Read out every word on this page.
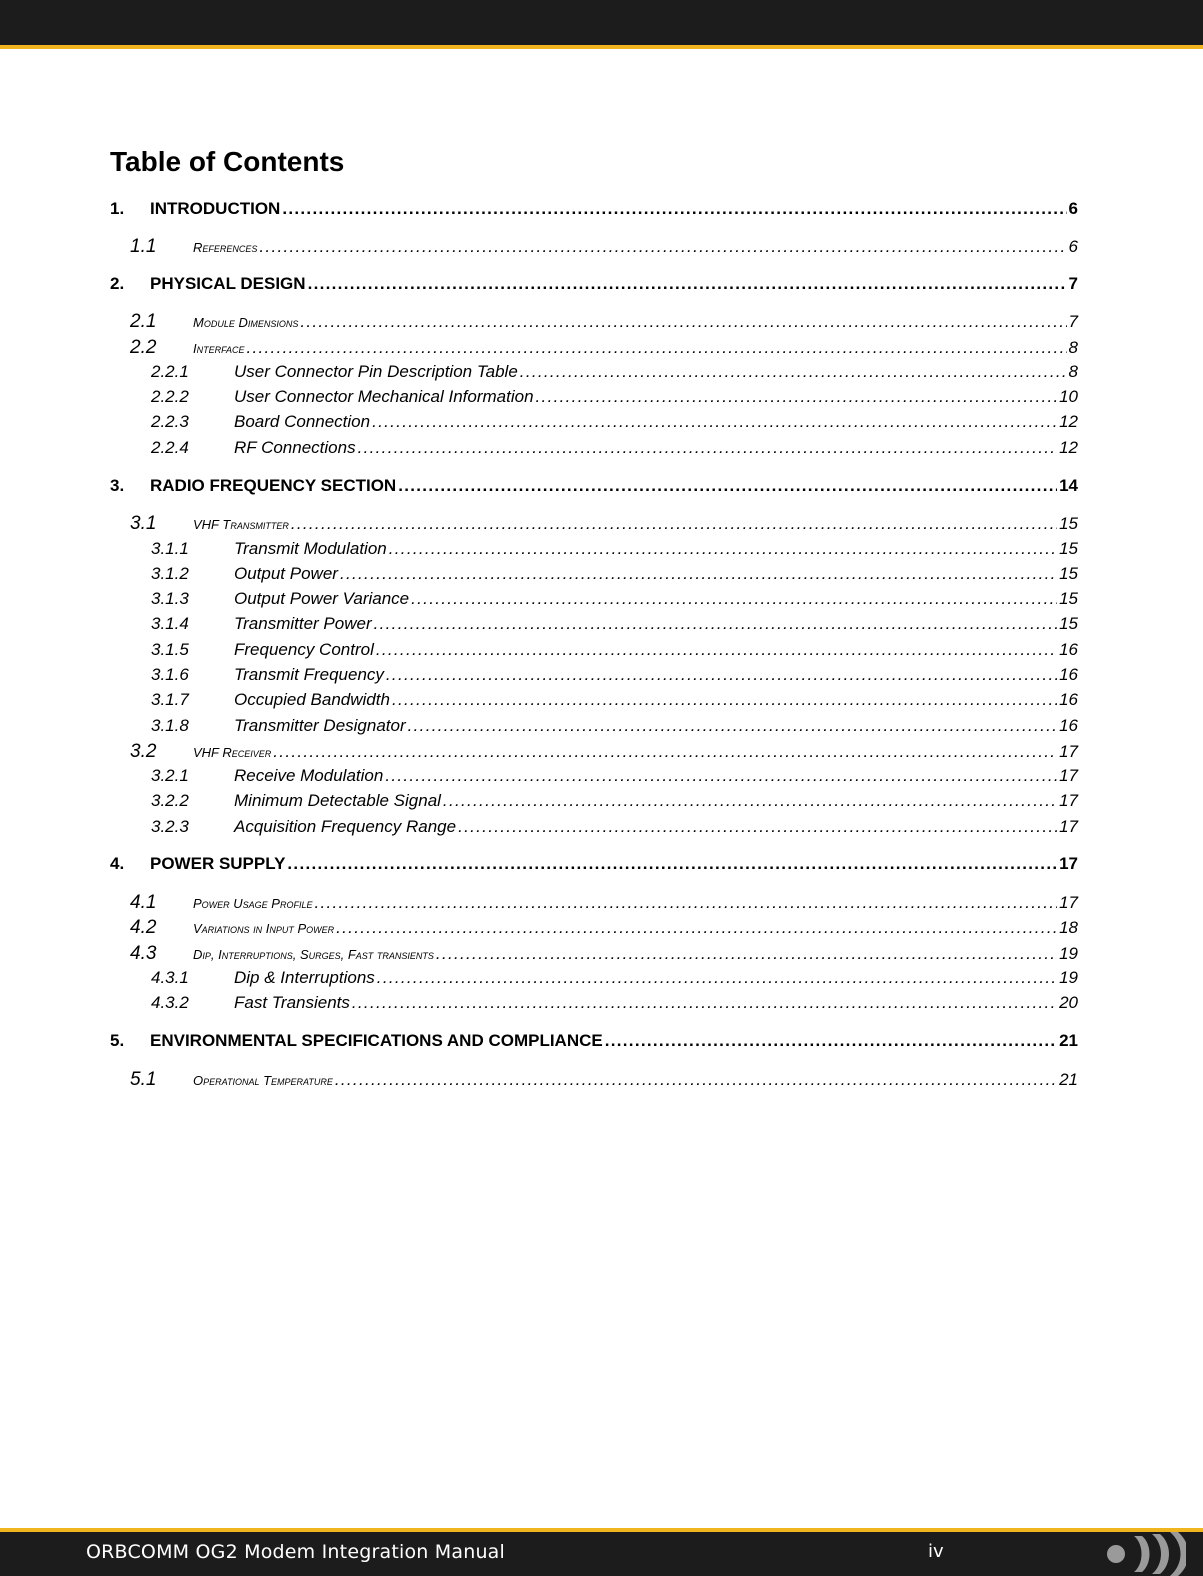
Table of Contents
1.	INTRODUCTION .....	6
1.1	References .....	6
2.	PHYSICAL DESIGN .....	7
2.1	Module Dimensions .....	7
2.2	Interface .....	8
2.2.1	User Connector Pin Description Table .....	8
2.2.2	User Connector Mechanical Information .....	10
2.2.3	Board Connection .....	12
2.2.4	RF Connections .....	12
3.	RADIO FREQUENCY SECTION .....	14
3.1	VHF Transmitter .....	15
3.1.1	Transmit Modulation .....	15
3.1.2	Output Power .....	15
3.1.3	Output Power Variance .....	15
3.1.4	Transmitter Power .....	15
3.1.5	Frequency Control .....	16
3.1.6	Transmit Frequency .....	16
3.1.7	Occupied Bandwidth .....	16
3.1.8	Transmitter Designator .....	16
3.2	VHF Receiver .....	17
3.2.1	Receive Modulation .....	17
3.2.2	Minimum Detectable Signal .....	17
3.2.3	Acquisition Frequency Range .....	17
4.	POWER SUPPLY .....	17
4.1	Power Usage Profile .....	17
4.2	Variations in Input Power .....	18
4.3	Dip, Interruptions, Surges, Fast transients .....	19
4.3.1	Dip & Interruptions .....	19
4.3.2	Fast Transients .....	20
5.	ENVIRONMENTAL SPECIFICATIONS AND COMPLIANCE .....	21
5.1	Operational Temperature .....	21
ORBCOMM OG2 Modem Integration Manual	iv
